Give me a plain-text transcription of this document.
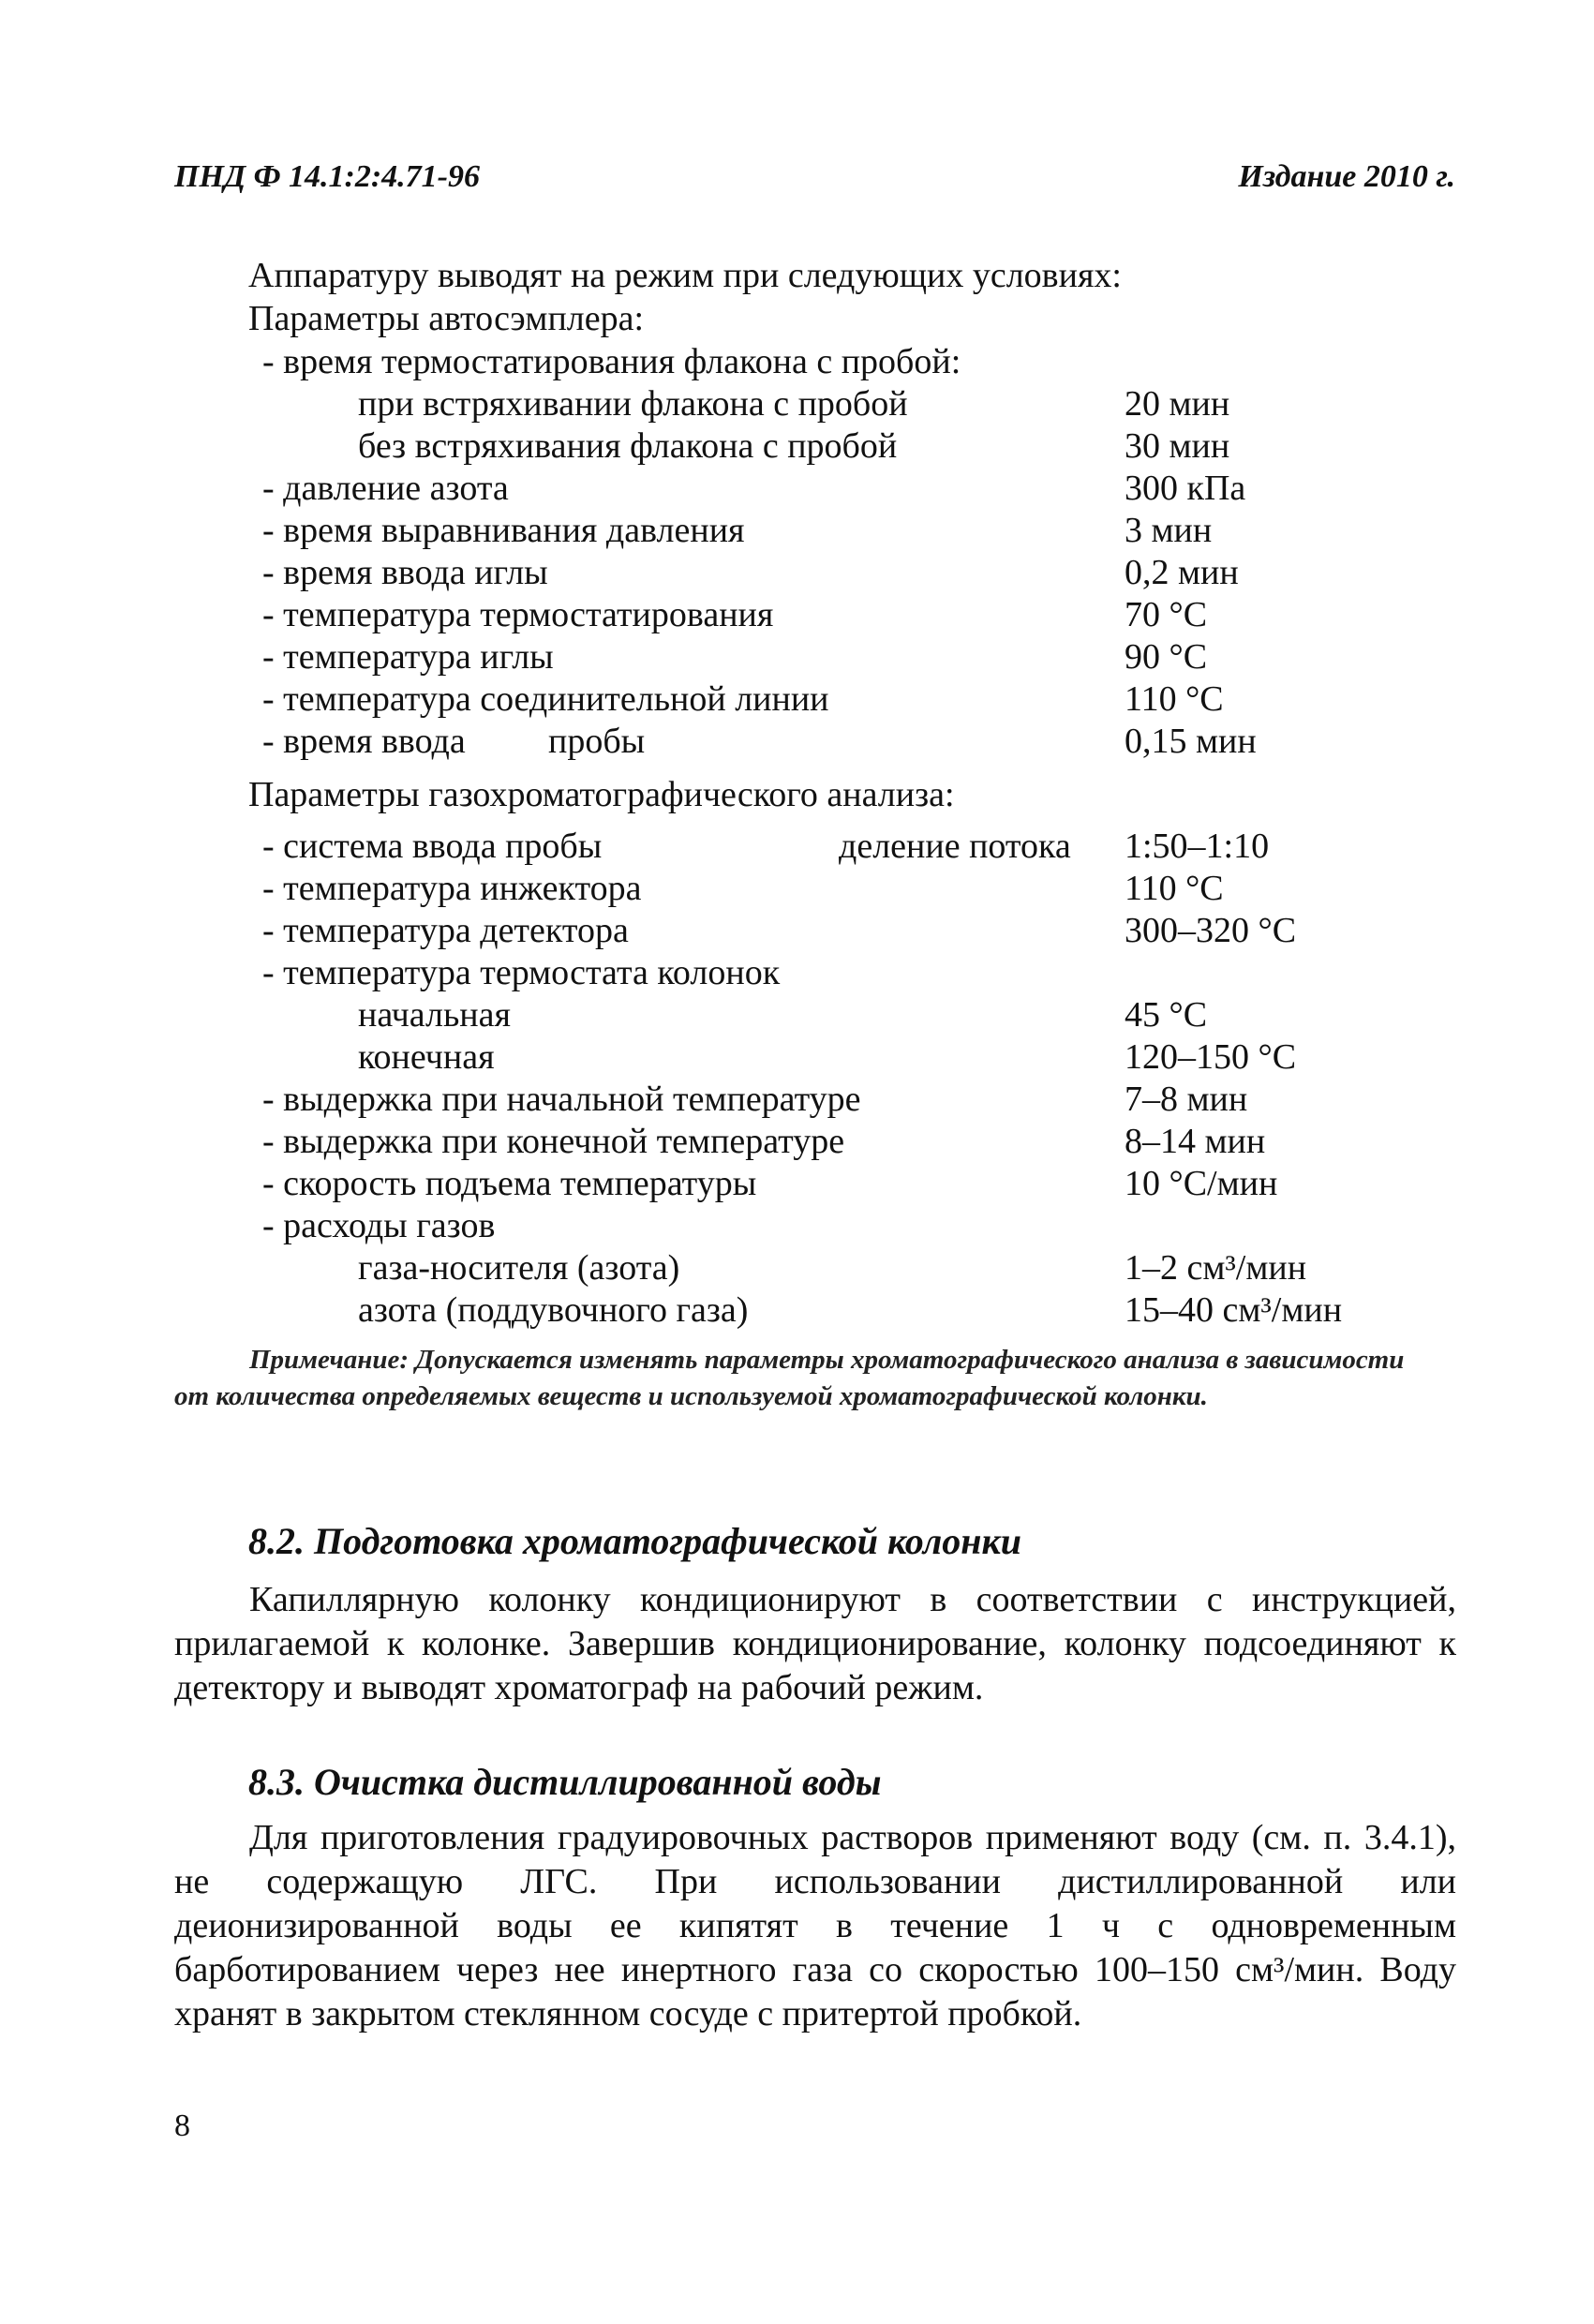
ПНД Ф 14.1:2:4.71-96	Издание 2010 г.
Аппаратуру выводят на режим при следующих условиях:
Параметры автосэмплера:
- время термостатирования флакона с пробой:
при встряхивании флакона с пробой	20 мин
без встряхивания флакона с пробой	30 мин
- давление азота	300 кПа
- время выравнивания давления	3 мин
- время ввода иглы	0,2 мин
- температура термостатирования	70 °С
- температура иглы	90 °С
- температура соединительной линии	110 °С
- время ввода пробы	0,15 мин
Параметры газохроматографического анализа:
- система ввода пробы	деление потока 1:50–1:10
- температура инжектора	110 °С
- температура детектора	300–320 °С
- температура термостата колонок
начальная	45 °С
конечная	120–150 °С
- выдержка при начальной температуре	7–8 мин
- выдержка при конечной температуре	8–14 мин
- скорость подъема температуры	10 °С/мин
- расходы газов
газа-носителя (азота)	1–2 см³/мин
азота (поддувочного газа)	15–40 см³/мин
Примечание: Допускается изменять параметры хроматографического анализа в зависимости от количества определяемых веществ и используемой хроматографической колонки.
8.2. Подготовка хроматографической колонки
Капиллярную колонку кондиционируют в соответствии с инструкцией, прилагаемой к колонке. Завершив кондиционирование, колонку подсоединяют к детектору и выводят хроматограф на рабочий режим.
8.3. Очистка дистиллированной воды
Для приготовления градуировочных растворов применяют воду (см. п. 3.4.1), не содержащую ЛГС. При использовании дистиллированной или деионизированной воды ее кипятят в течение 1 ч с одновременным барботированием через нее инертного газа со скоростью 100–150 см³/мин. Воду хранят в закрытом стеклянном сосуде с притертой пробкой.
8
